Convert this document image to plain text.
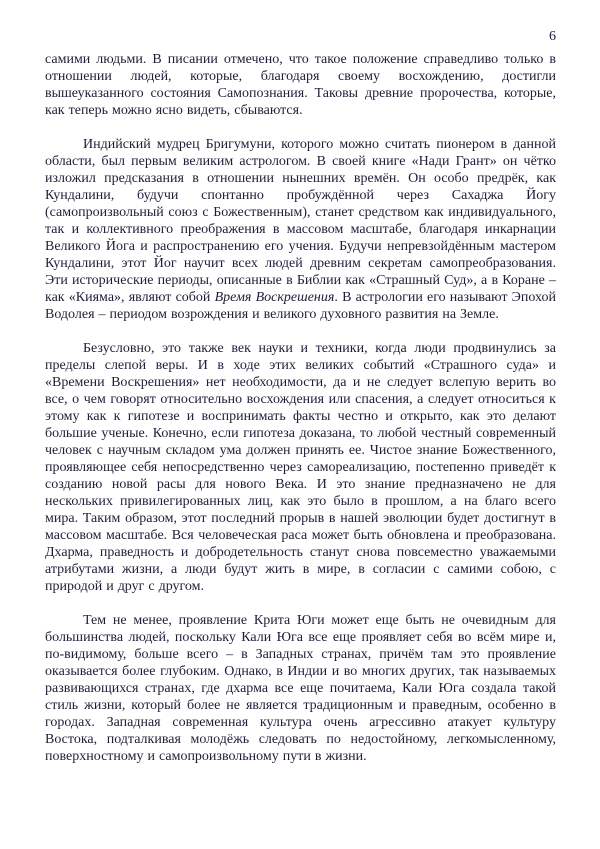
6

самими людьми. В писании отмечено, что такое положение справедливо только в отношении людей, которые, благодаря своему восхождению, достигли вышеуказанного состояния Самопознания. Таковы древние пророчества, которые, как теперь можно ясно видеть, сбываются.

Индийский мудрец Бригумуни, которого можно считать пионером в данной области, был первым великим астрологом. В своей книге «Нади Грант» он чётко изложил предсказания в отношении нынешних времён. Он особо предрёк, как Кундалини, будучи спонтанно пробуждённой через Сахаджа Йогу (самопроизвольный союз с Божественным), станет средством как индивидуального, так и коллективного преображения в массовом масштабе, благодаря инкарнации Великого Йога и распространению его учения. Будучи непревзойдённым мастером Кундалини, этот Йог научит всех людей древним секретам самопреобразования. Эти исторические периоды, описанные в Библии как «Страшный Суд», а в Коране – как «Кияма», являют собой Время Воскрешения. В астрологии его называют Эпохой Водолея – периодом возрождения и великого духовного развития на Земле.

Безусловно, это также век науки и техники, когда люди продвинулись за пределы слепой веры. И в ходе этих великих событий «Страшного суда» и «Времени Воскрешения» нет необходимости, да и не следует вслепую верить во все, о чем говорят относительно восхождения или спасения, а следует относиться к этому как к гипотезе и воспринимать факты честно и открыто, как это делают большие ученые. Конечно, если гипотеза доказана, то любой честный современный человек с научным складом ума должен принять ее. Чистое знание Божественного, проявляющее себя непосредственно через самореализацию, постепенно приведёт к созданию новой расы для нового Века. И это знание предназначено не для нескольких привилегированных лиц, как это было в прошлом, а на благо всего мира. Таким образом, этот последний прорыв в нашей эволюции будет достигнут в массовом масштабе. Вся человеческая раса может быть обновлена и преобразована. Дхарма, праведность и добродетельность станут снова повсеместно уважаемыми атрибутами жизни, а люди будут жить в мире, в согласии с самими собою, с природой и друг с другом.

Тем не менее, проявление Крита Юги может еще быть не очевидным для большинства людей, поскольку Кали Юга все еще проявляет себя во всём мире и, по-видимому, больше всего – в Западных странах, причём там это проявление оказывается более глубоким. Однако, в Индии и во многих других, так называемых развивающихся странах, где дхарма все еще почитаема, Кали Юга создала такой стиль жизни, который более не является традиционным и праведным, особенно в городах. Западная современная культура очень агрессивно атакует культуру Востока, подталкивая молодёжь следовать по недостойному, легкомысленному, поверхностному и самопроизвольному пути в жизни.
